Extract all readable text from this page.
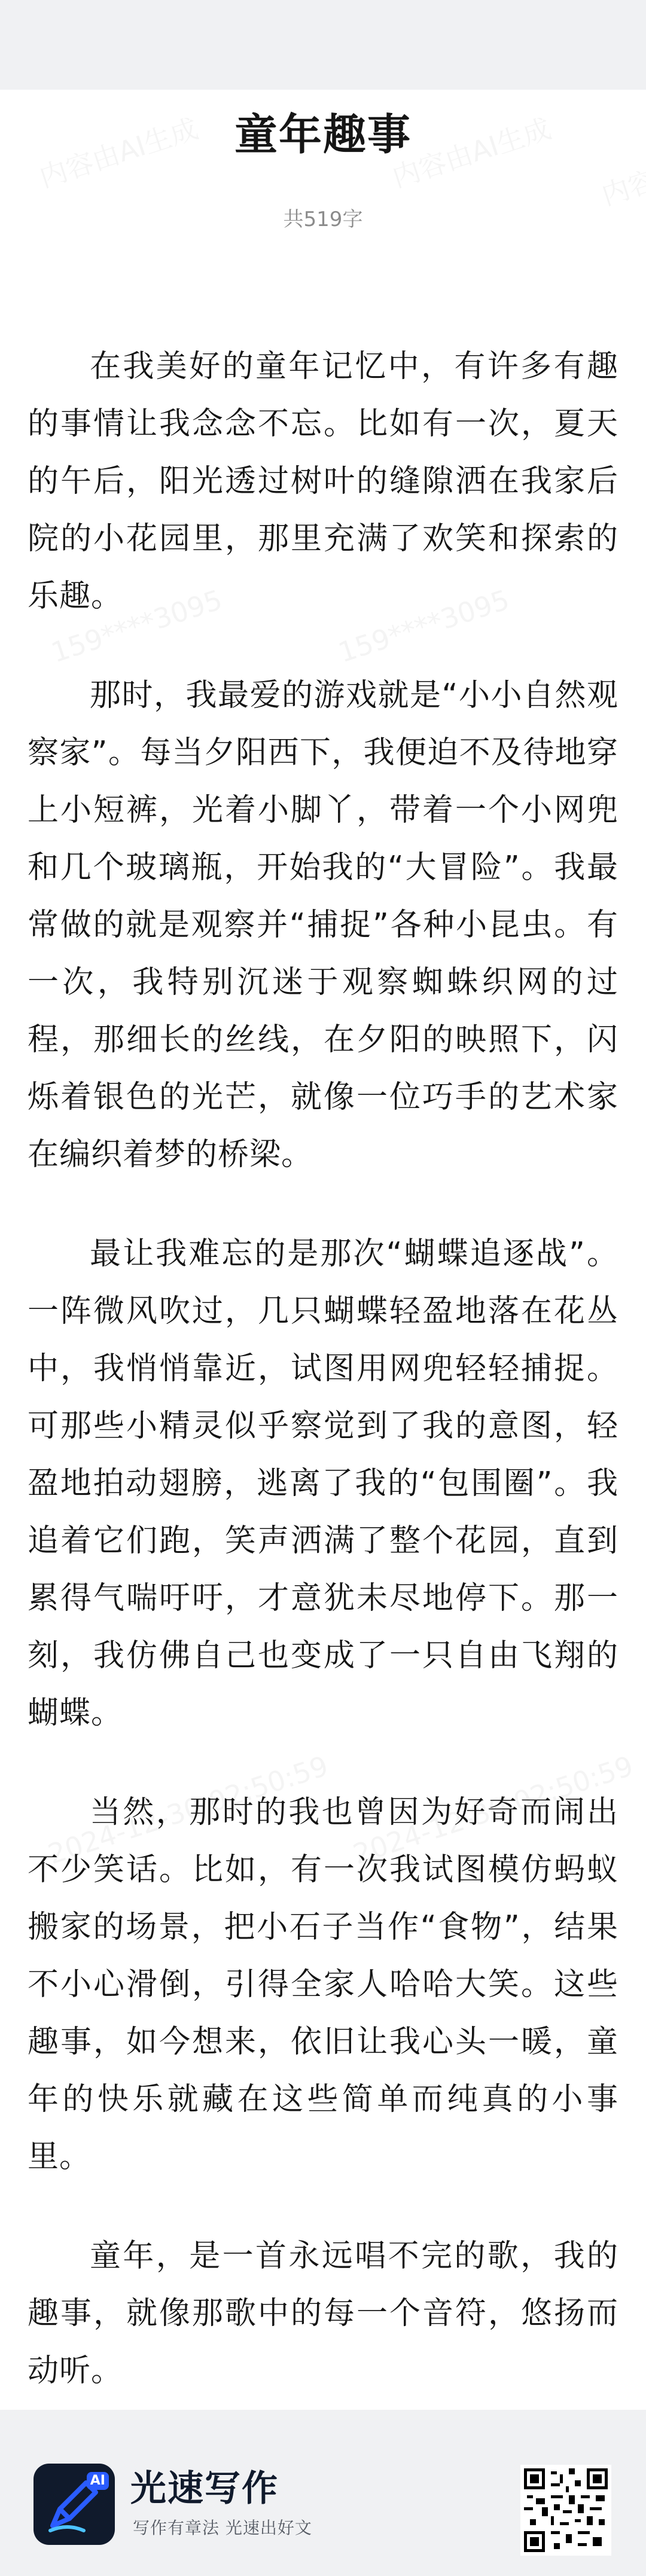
童年趣事
共519字

在我美好的童年记忆中，有许多有趣的事情让我念念不忘。比如有一次，夏天的午后，阳光透过树叶的缝隙洒在我家后院的小花园里，那里充满了欢笑和探索的乐趣。

那时，我最爱的游戏就是“小小自然观察家”。每当夕阳西下，我便迫不及待地穿上小短裤，光着小脚丫，带着一个小网兜和几个玻璃瓶，开始我的“大冒险”。我最常做的就是观察并“捕捉”各种小昆虫。有一次，我特别沉迷于观察蜘蛛织网的过程，那细长的丝线，在夕阳的映照下，闪烁着银色的光芒，就像一位巧手的艺术家在编织着梦的桥梁。

最让我难忘的是那次“蝴蝶追逐战”。一阵微风吹过，几只蝴蝶轻盈地落在花丛中，我悄悄靠近，试图用网兜轻轻捕捉。可那些小精灵似乎察觉到了我的意图，轻盈地拍动翅膀，逃离了我的“包围圈”。我追着它们跑，笑声洒满了整个花园，直到累得气喘吁吁，才意犹未尽地停下。那一刻，我仿佛自己也变成了一只自由飞翔的蝴蝶。

当然，那时的我也曾因为好奇而闹出不少笑话。比如，有一次我试图模仿蚂蚁搬家的场景，把小石子当作“食物”，结果不小心滑倒，引得全家人哈哈大笑。这些趣事，如今想来，依旧让我心头一暖，童年的快乐就藏在这些简单而纯真的小事里。

童年，是一首永远唱不完的歌，我的趣事，就像那歌中的每一个音符，悠扬而动听。

AI 光速写作
写作有章法 光速出好文
